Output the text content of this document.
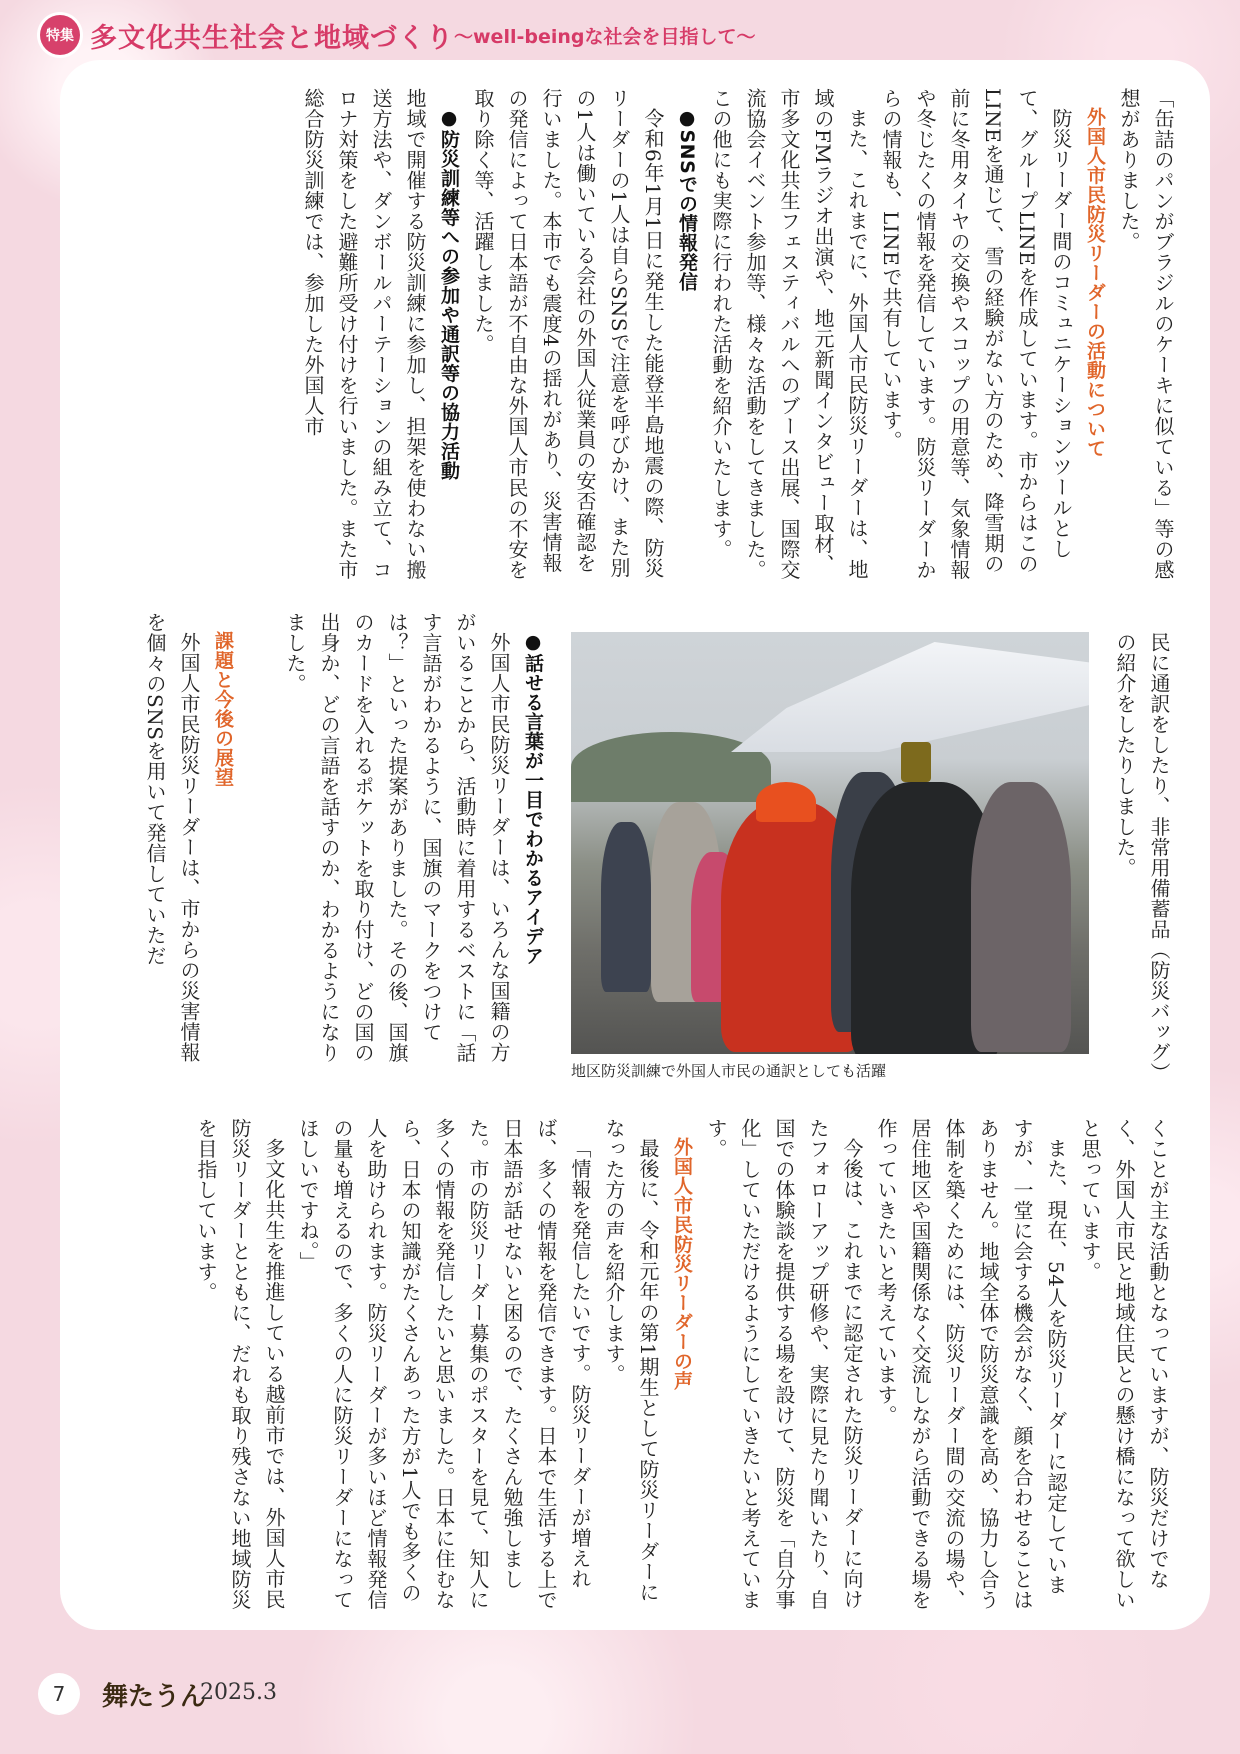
特集 多文化共生社会と地域づくり 〜well-beingな社会を目指して〜

「缶詰のパンがブラジルのケーキに似ている」等の感想がありました。

外国人市民防災リーダーの活動について

防災リーダー間のコミュニケーションツールとして、グループLINEを作成しています。市からはこのLINEを通じて、雪の経験がない方のため、降雪期の前に冬用タイヤの交換やスコップの用意等、気象情報や冬じたくの情報を発信しています。防災リーダーからの情報も、LINEで共有しています。

また、これまでに、外国人市民防災リーダーは、地域のFMラジオ出演や、地元新聞インタビュー取材、市多文化共生フェスティバルへのブース出展、国際交流協会イベント参加等、様々な活動をしてきました。この他にも実際に行われた活動を紹介いたします。

●SNSでの情報発信

令和6年1月1日に発生した能登半島地震の際、防災リーダーの1人は自らSNSで注意を呼びかけ、また別の1人は働いている会社の外国人従業員の安否確認を行いました。本市でも震度4の揺れがあり、災害情報の発信によって日本語が不自由な外国人市民の不安を取り除く等、活躍しました。

●防災訓練等への参加や通訳等の協力活動

地域で開催する防災訓練に参加し、担架を使わない搬送方法や、ダンボールパーテーションの組み立て、コロナ対策をした避難所受け付けを行いました。また市総合防災訓練では、参加した外国人市

民に通訳をしたり、非常用備蓄品（防災バッグ）の紹介をしたりしました。

地区防災訓練で外国人市民の通訳としても活躍

●話せる言葉が一目でわかるアイデア

外国人市民防災リーダーは、いろんな国籍の方がいることから、活動時に着用するベストに「話す言語がわかるように、国旗のマークをつけては？」といった提案がありました。その後、国旗のカードを入れるポケットを取り付け、どの国の出身か、どの言語を話すのか、わかるようになりました。

課題と今後の展望

外国人市民防災リーダーは、市からの災害情報を個々のSNSを用いて発信していただ

くことが主な活動となっていますが、防災だけでなく、外国人市民と地域住民との懸け橋になって欲しいと思っています。

また、現在、54人を防災リーダーに認定していますが、一堂に会する機会がなく、顔を合わせることはありません。地域全体で防災意識を高め、協力し合う体制を築くためには、防災リーダー間の交流の場や、居住地区や国籍関係なく交流しながら活動できる場を作っていきたいと考えています。

今後は、これまでに認定された防災リーダーに向けたフォローアップ研修や、実際に見たり聞いたり、自国での体験談を提供する場を設けて、防災を「自分事化」していただけるようにしていきたいと考えています。

外国人市民防災リーダーの声

最後に、令和元年の第1期生として防災リーダーになった方の声を紹介します。

「情報を発信したいです。防災リーダーが増えれば、多くの情報を発信できます。日本で生活する上で日本語が話せないと困るので、たくさん勉強しました。市の防災リーダー募集のポスターを見て、知人に多くの情報を発信したいと思いました。日本に住むなら、日本の知識がたくさんあった方が1人でも多くの人を助けられます。防災リーダーが多いほど情報発信の量も増えるので、多くの人に防災リーダーになってほしいですね。」

多文化共生を推進している越前市では、外国人市民防災リーダーとともに、だれも取り残さない地域防災を目指しています。

7	舞たうん
2025.3
